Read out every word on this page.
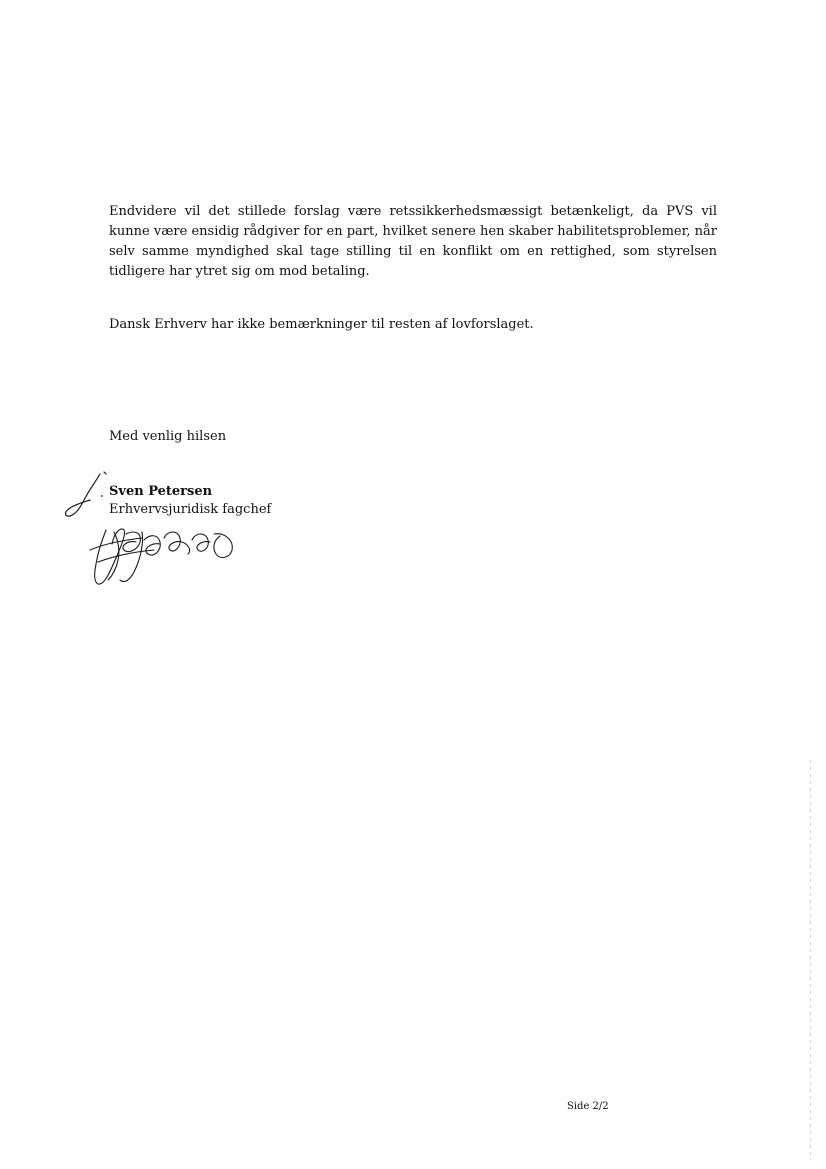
Endvidere vil det stillede forslag være retssikkerhedsmæssigt betænkeligt, da PVS vil kunne være ensidig rådgiver for en part, hvilket senere hen skaber habilitetsproblemer, når selv samme myndighed skal tage stilling til en konflikt om en rettighed, som styrelsen tidligere har ytret sig om mod betaling.

Dansk Erhverv har ikke bemærkninger til resten af lovforslaget.

Med venlig hilsen

Sven Petersen

Erhvervsjuridisk fagchef

Side 2/2
